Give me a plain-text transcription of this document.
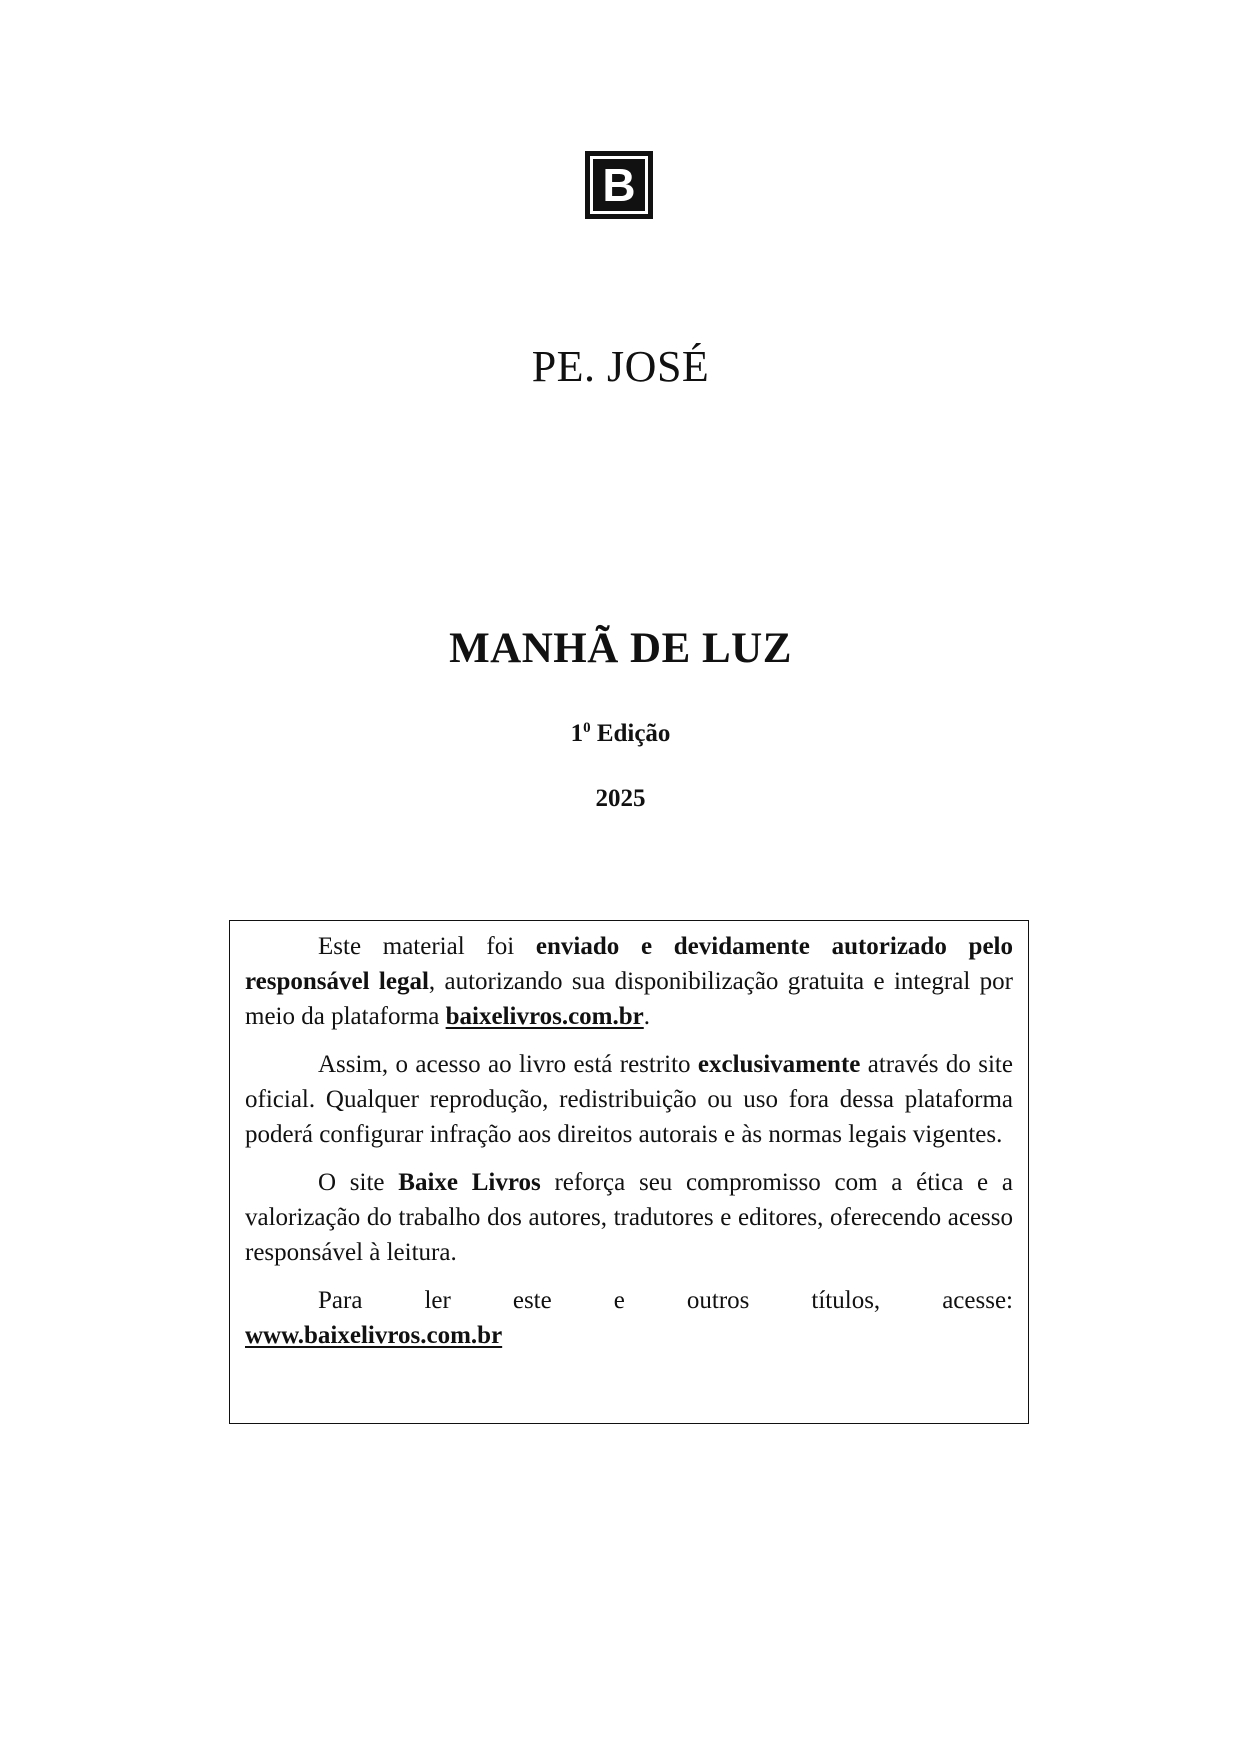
B
PE. JOSÉ
MANHÃ DE LUZ
$1^0$ Edição
2025

Este material foi enviado e devidamente autorizado pelo responsável legal, autorizando sua disponibilização gratuita e integral por meio da plataforma baixelivros.com.br.

Assim, o acesso ao livro está restrito exclusivamente através do site oficial. Qualquer reprodução, redistribuição ou uso fora dessa plataforma poderá configurar infração aos direitos autorais e às normas legais vigentes.

O site Baixe Livros reforça seu compromisso com a ética e a valorização do trabalho dos autores, tradutores e editores, oferecendo acesso responsável à leitura.

Para ler este e outros títulos, acesse:

www.baixelivros.com.br
